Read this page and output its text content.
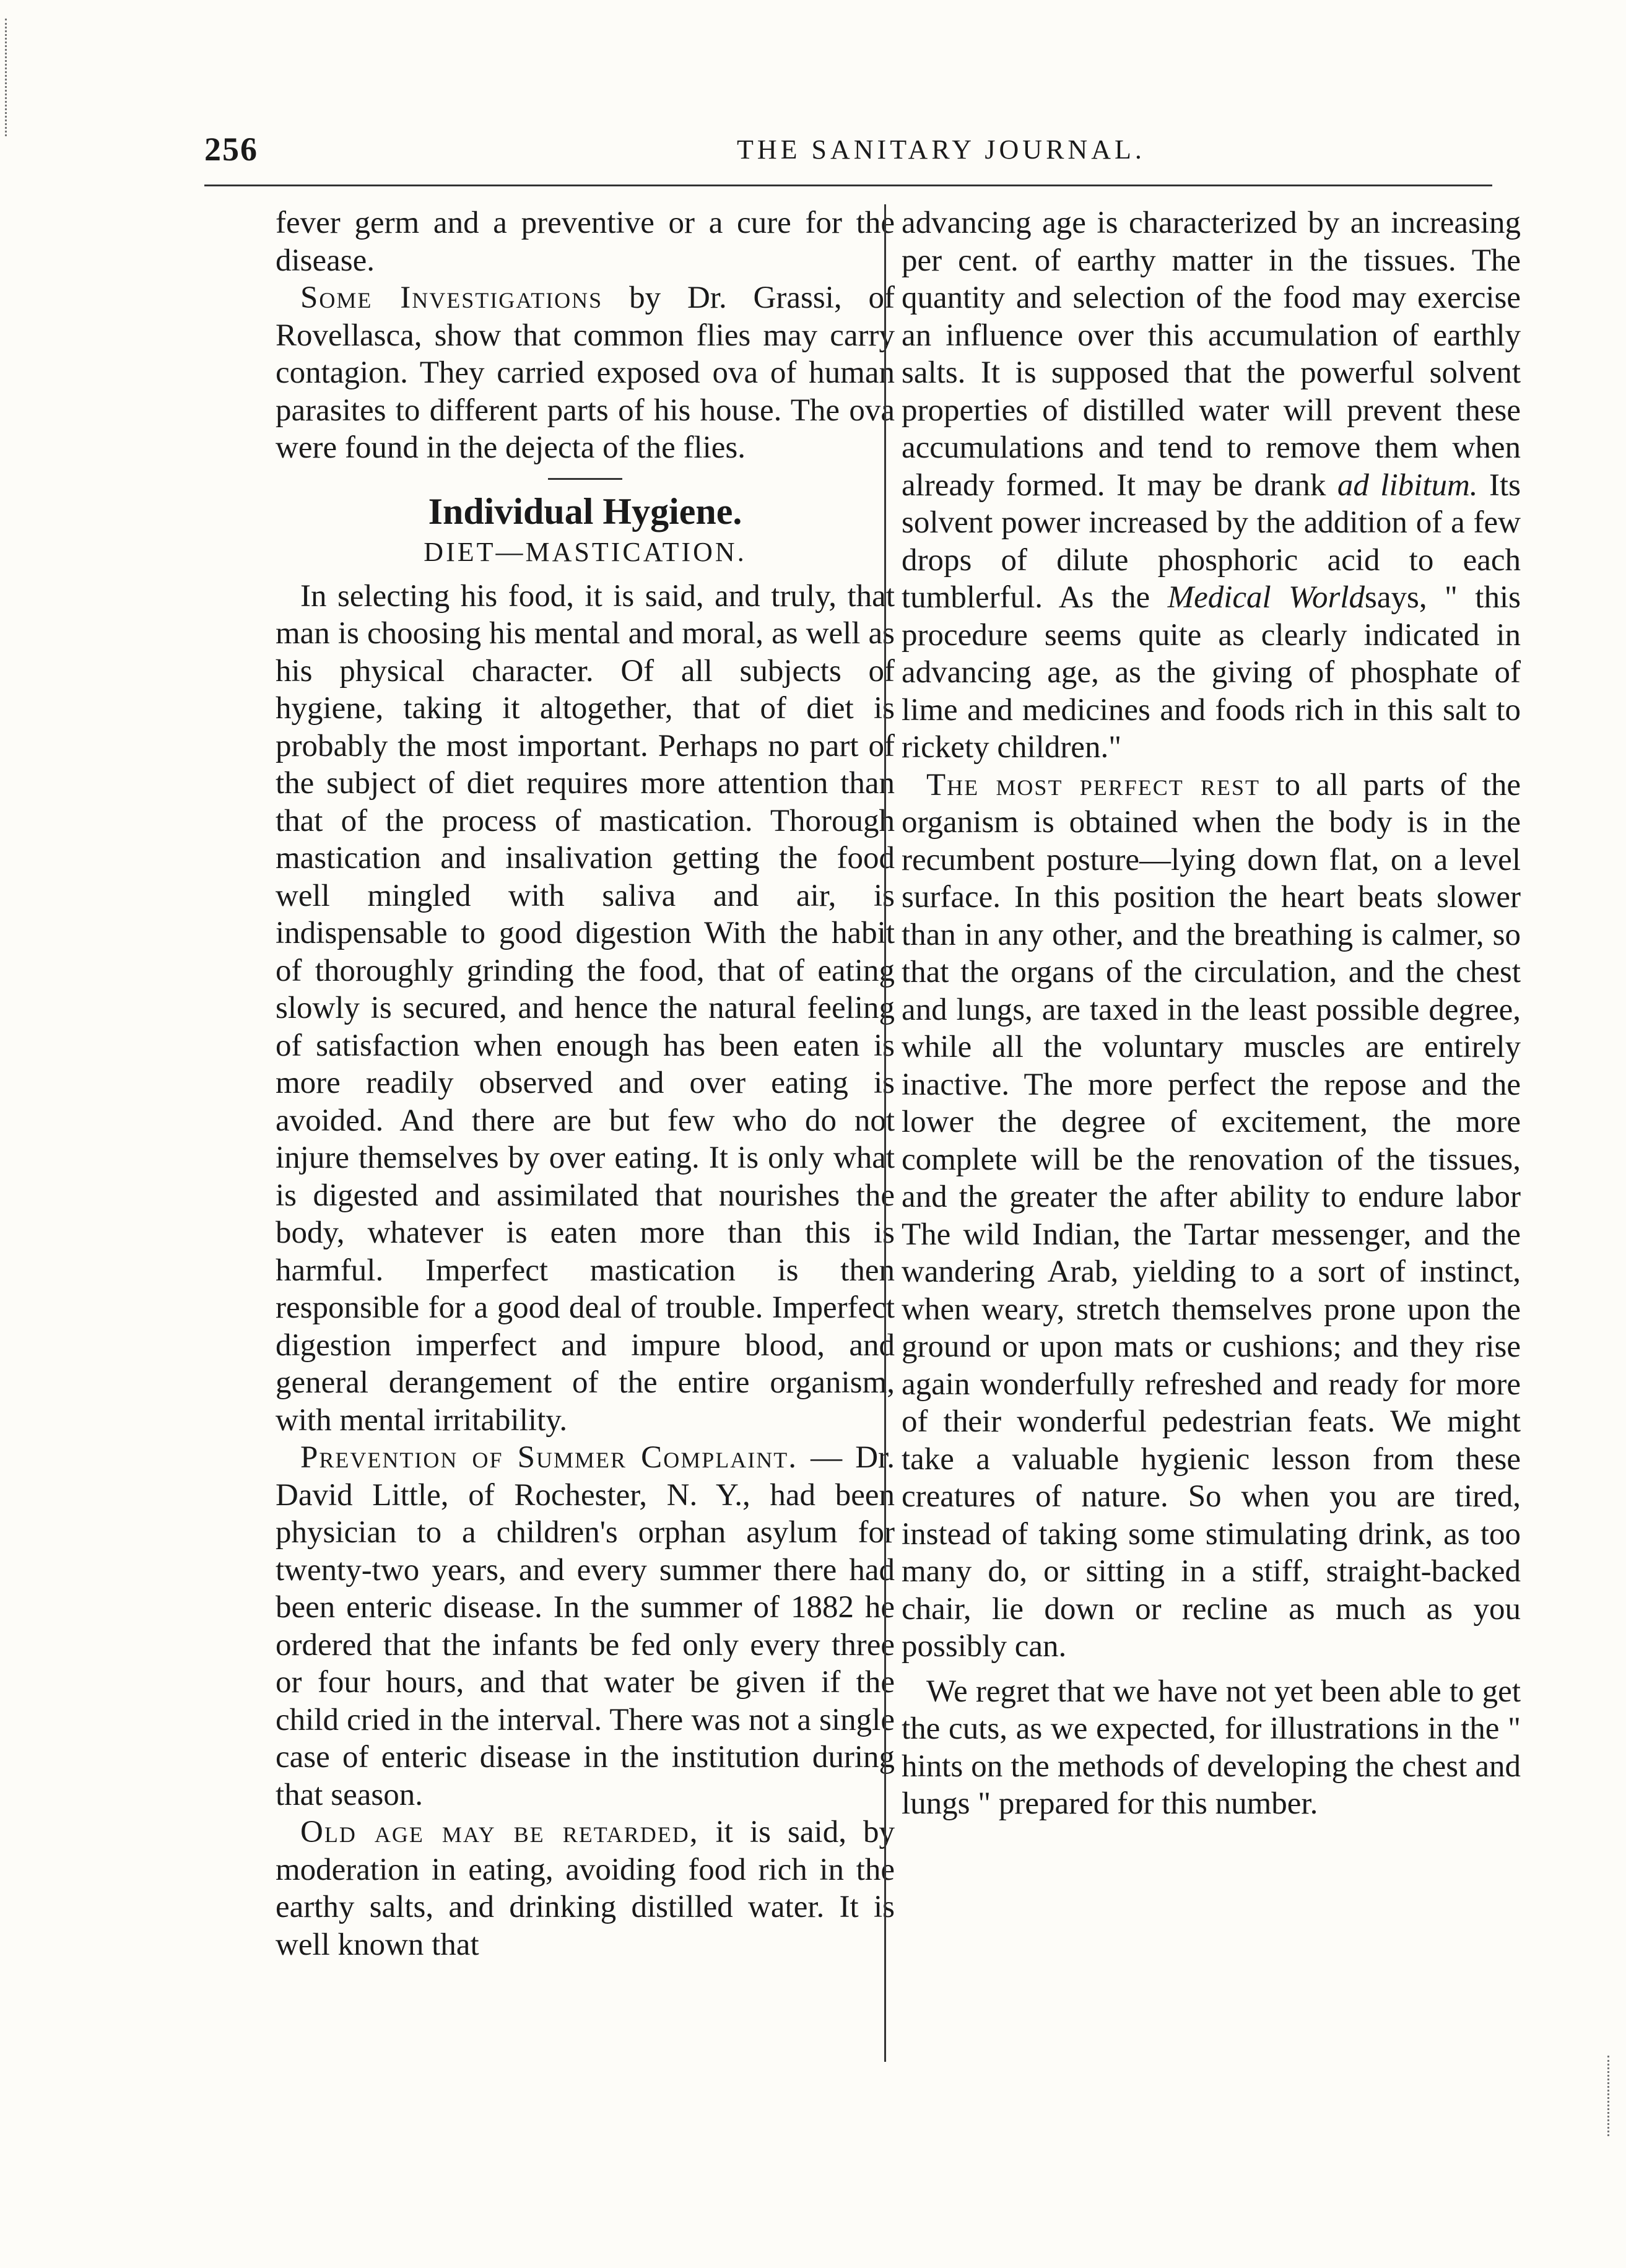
256	THE SANITARY JOURNAL.

fever germ and a preventive or a cure for the disease.

Some Investigations by Dr. Grassi, of Rovellasca, show that common flies may carry contagion. They carried exposed ova of human parasites to different parts of his house. The ova were found in the dejecta of the flies.

Individual Hygiene.
DIET—MASTICATION.

In selecting his food, it is said, and truly, that man is choosing his mental and moral, as well as his physical character. Of all subjects of hygiene, taking it altogether, that of diet is probably the most important. Perhaps no part of the subject of diet requires more attention than that of the process of mastication. Thorough mastication and insalivation getting the food well mingled with saliva and air, is indispensable to good digestion With the habit of thoroughly grinding the food, that of eating slowly is secured, and hence the natural feeling of satisfaction when enough has been eaten is more readily observed and over eating is avoided. And there are but few who do not injure themselves by over eating. It is only what is digested and assimilated that nourishes the body, whatever is eaten more than this is harmful. Imperfect mastication is then responsible for a good deal of trouble. Imperfect digestion imperfect and impure blood, and general derangement of the entire organism, with mental irritability.

Prevention of Summer Complaint. — Dr. David Little, of Rochester, N. Y., had been physician to a children's orphan asylum for twenty-two years, and every summer there had been enteric disease. In the summer of 1882 he ordered that the infants be fed only every three or four hours, and that water be given if the child cried in the interval. There was not a single case of enteric disease in the institution during that season.

Old age may be retarded, it is said, by moderation in eating, avoiding food rich in the earthy salts, and drinking distilled water. It is well known that

advancing age is characterized by an increasing per cent. of earthy matter in the tissues. The quantity and selection of the food may exercise an influence over this accumulation of earthly salts. It is supposed that the powerful solvent properties of distilled water will prevent these accumulations and tend to remove them when already formed. It may be drank ad libitum. Its solvent power increased by the addition of a few drops of dilute phosphoric acid to each tumblerful. As the Medical Worldsays, " this procedure seems quite as clearly indicated in advancing age, as the giving of phosphate of lime and medicines and foods rich in this salt to rickety children."

The most perfect rest to all parts of the organism is obtained when the body is in the recumbent posture—lying down flat, on a level surface. In this position the heart beats slower than in any other, and the breathing is calmer, so that the organs of the circulation, and the chest and lungs, are taxed in the least possible degree, while all the voluntary muscles are entirely inactive. The more perfect the repose and the lower the degree of excitement, the more complete will be the renovation of the tissues, and the greater the after ability to endure labor The wild Indian, the Tartar messenger, and the wandering Arab, yielding to a sort of instinct, when weary, stretch themselves prone upon the ground or upon mats or cushions; and they rise again wonderfully refreshed and ready for more of their wonderful pedestrian feats. We might take a valuable hygienic lesson from these creatures of nature. So when you are tired, instead of taking some stimulating drink, as too many do, or sitting in a stiff, straight-backed chair, lie down or recline as much as you possibly can.

We regret that we have not yet been able to get the cuts, as we expected, for illustrations in the " hints on the methods of developing the chest and lungs " prepared for this number.
